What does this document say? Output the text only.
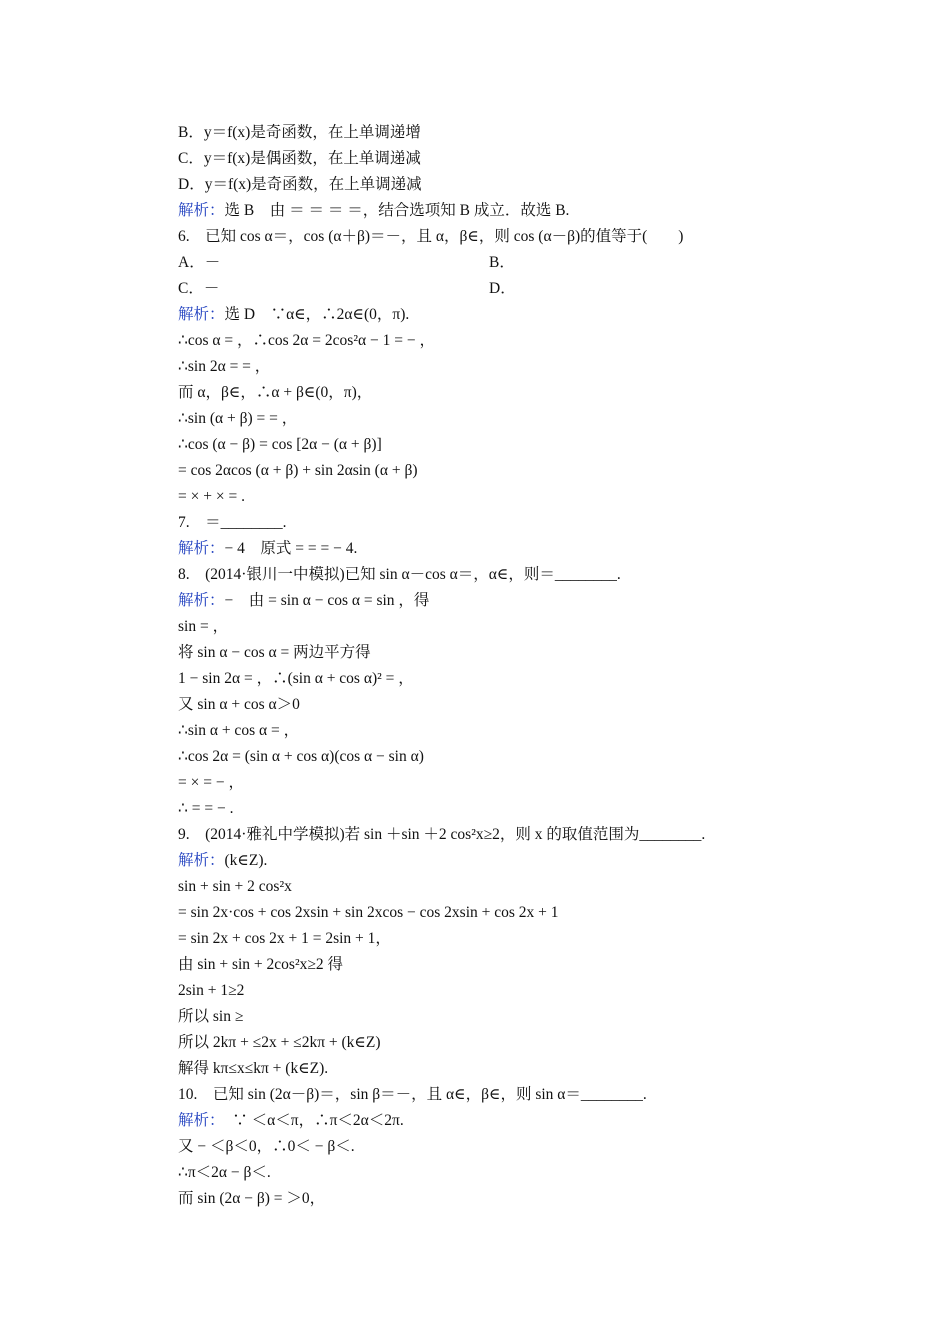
B．y＝f(x)是奇函数，在上单调递增
C．y＝f(x)是偶函数，在上单调递减
D．y＝f(x)是奇函数，在上单调递减
解析：选 B　由 ＝ ＝ ＝ ＝，结合选项知 B 成立．故选 B.
6.　已知 cos α＝，cos (α＋β)＝－，且 α，β∈，则 cos (α－β)的值等于(　　)
A．－	B．
C．－	D．
解析：选 D　∵α∈，∴2α∈(0，π).
∴cos α = ，∴cos 2α = 2cos²α − 1 = − ，
∴sin 2α = = ，
而 α，β∈，∴α + β∈(0，π)，
∴sin (α + β) = = ，
∴cos (α − β) = cos [2α − (α + β)]
= cos 2αcos (α + β) + sin 2αsin (α + β)
= × + × = .
7.　＝________.
解析：− 4　原式 = = = − 4.
8.　(2014·银川一中模拟)已知 sin α－cos α＝，α∈，则＝________.
解析：−　由 = sin α − cos α = sin ，得
sin = ，
将 sin α − cos α = 两边平方得
1 − sin 2α = ，∴(sin α + cos α)² = ，
又 sin α + cos α＞0
∴sin α + cos α = ，
∴cos 2α = (sin α + cos α)(cos α − sin α)
= × = − ，
∴ = = − .
9.　(2014·雅礼中学模拟)若 sin ＋sin ＋2 cos²x≥2，则 x 的取值范围为________.
解析：(k∈Z).
sin + sin + 2 cos²x
= sin 2x·cos + cos 2xsin + sin 2xcos − cos 2xsin + cos 2x + 1
= sin 2x + cos 2x + 1 = 2sin + 1，
由 sin + sin + 2cos²x≥2 得
2sin + 1≥2
所以 sin ≥
所以 2kπ + ≤2x + ≤2kπ + (k∈Z)
解得 kπ≤x≤kπ + (k∈Z).
10.　已知 sin (2α－β)＝，sin β＝－，且 α∈，β∈，则 sin α＝________.
解析：　∵ ＜α＜π，∴π＜2α＜2π.
又 − ＜β＜0，∴0＜ − β＜.
∴π＜2α − β＜.
而 sin (2α − β) = ＞0，
